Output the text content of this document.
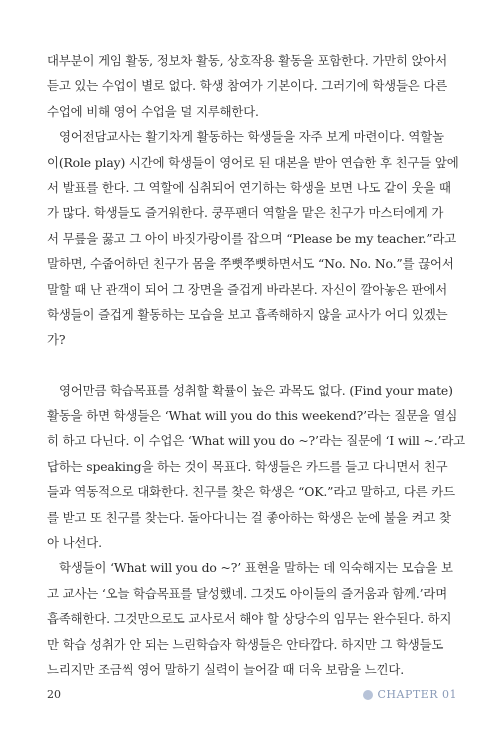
대부분이 게임 활동, 정보차 활동, 상호작용 활동을 포함한다. 가만히 앉아서
듣고 있는 수업이 별로 없다. 학생 참여가 기본이다. 그러기에 학생들은 다른
수업에 비해 영어 수업을 덜 지루해한다.
영어전담교사는 활기차게 활동하는 학생들을 자주 보게 마련이다. 역할놀
이(Role play) 시간에 학생들이 영어로 된 대본을 받아 연습한 후 친구들 앞에
서 발표를 한다. 그 역할에 심취되어 연기하는 학생을 보면 나도 같이 웃을 때
가 많다. 학생들도 즐거워한다. 쿵푸팬더 역할을 맡은 친구가 마스터에게 가
서 무릎을 꿇고 그 아이 바짓가랑이를 잡으며 “Please be my teacher.”라고
말하면, 수줍어하던 친구가 몸을 쭈뼛쭈뼛하면서도 “No. No. No.”를 끊어서
말할 때 난 관객이 되어 그 장면을 즐겁게 바라본다. 자신이 깔아놓은 판에서
학생들이 즐겁게 활동하는 모습을 보고 흡족해하지 않을 교사가 어디 있겠는
가?
영어만큼 학습목표를 성취할 확률이 높은 과목도 없다. (Find your mate)
활동을 하면 학생들은 ‘What will you do this weekend?’라는 질문을 열심
히 하고 다닌다. 이 수업은 ‘What will you do ~?’라는 질문에 ‘I will ~.’라고
답하는 speaking을 하는 것이 목표다. 학생들은 카드를 들고 다니면서 친구
들과 역동적으로 대화한다. 친구를 찾은 학생은 “OK.”라고 말하고, 다른 카드
를 받고 또 친구를 찾는다. 돌아다니는 걸 좋아하는 학생은 눈에 불을 켜고 찾
아 나선다.
학생들이 ‘What will you do ~?’ 표현을 말하는 데 익숙해지는 모습을 보
고 교사는 ‘오늘 학습목표를 달성했네. 그것도 아이들의 즐거움과 함께.’라며
흡족해한다. 그것만으로도 교사로서 해야 할 상당수의 임무는 완수된다. 하지
만 학습 성취가 안 되는 느린학습자 학생들은 안타깝다. 하지만 그 학생들도
느리지만 조금씩 영어 말하기 실력이 늘어갈 때 더욱 보람을 느낀다.
20	CHAPTER 01
